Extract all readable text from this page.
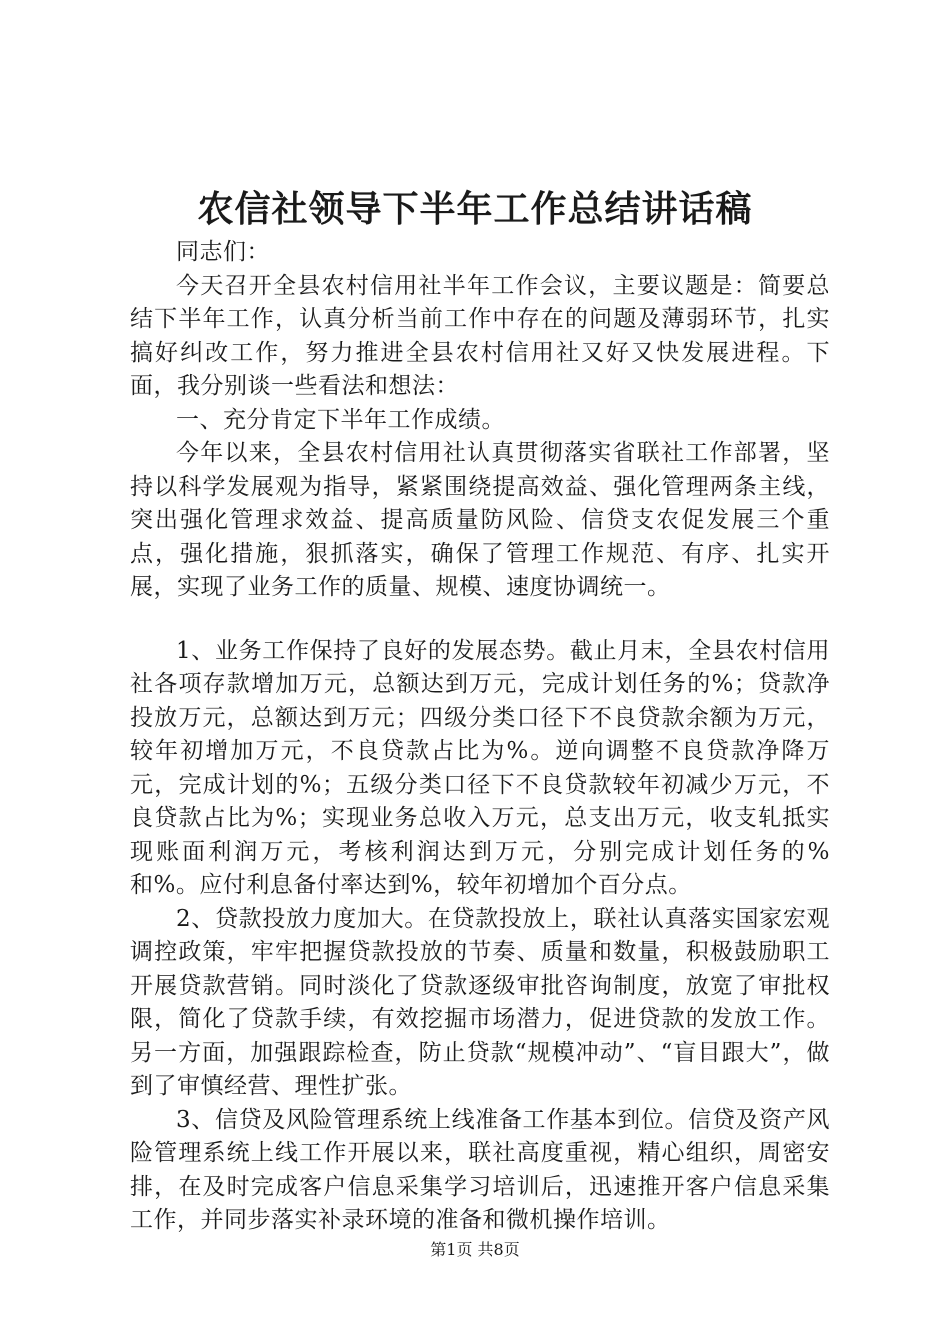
农信社领导下半年工作总结讲话稿

同志们：

今天召开全县农村信用社半年工作会议，主要议题是：简要总结下半年工作，认真分析当前工作中存在的问题及薄弱环节，扎实搞好纠改工作，努力推进全县农村信用社又好又快发展进程。下面，我分别谈一些看法和想法：

一、充分肯定下半年工作成绩。

今年以来，全县农村信用社认真贯彻落实省联社工作部署，坚持以科学发展观为指导，紧紧围绕提高效益、强化管理两条主线，突出强化管理求效益、提高质量防风险、信贷支农促发展三个重点，强化措施，狠抓落实，确保了管理工作规范、有序、扎实开展，实现了业务工作的质量、规模、速度协调统一。

1、业务工作保持了良好的发展态势。截止月末，全县农村信用社各项存款增加万元，总额达到万元，完成计划任务的%；贷款净投放万元，总额达到万元；四级分类口径下不良贷款余额为万元，较年初增加万元，不良贷款占比为%。逆向调整不良贷款净降万元，完成计划的%；五级分类口径下不良贷款较年初减少万元，不良贷款占比为%；实现业务总收入万元，总支出万元，收支轧抵实现账面利润万元，考核利润达到万元，分别完成计划任务的%和%。应付利息备付率达到%，较年初增加个百分点。

2、贷款投放力度加大。在贷款投放上，联社认真落实国家宏观调控政策，牢牢把握贷款投放的节奏、质量和数量，积极鼓励职工开展贷款营销。同时淡化了贷款逐级审批咨询制度，放宽了审批权限，简化了贷款手续，有效挖掘市场潜力，促进贷款的发放工作。另一方面，加强跟踪检查，防止贷款“规模冲动”、“盲目跟大”，做到了审慎经营、理性扩张。

3、信贷及风险管理系统上线准备工作基本到位。信贷及资产风险管理系统上线工作开展以来，联社高度重视，精心组织，周密安排，在及时完成客户信息采集学习培训后，迅速推开客户信息采集工作，并同步落实补录环境的准备和微机操作培训。

第1页 共8页
